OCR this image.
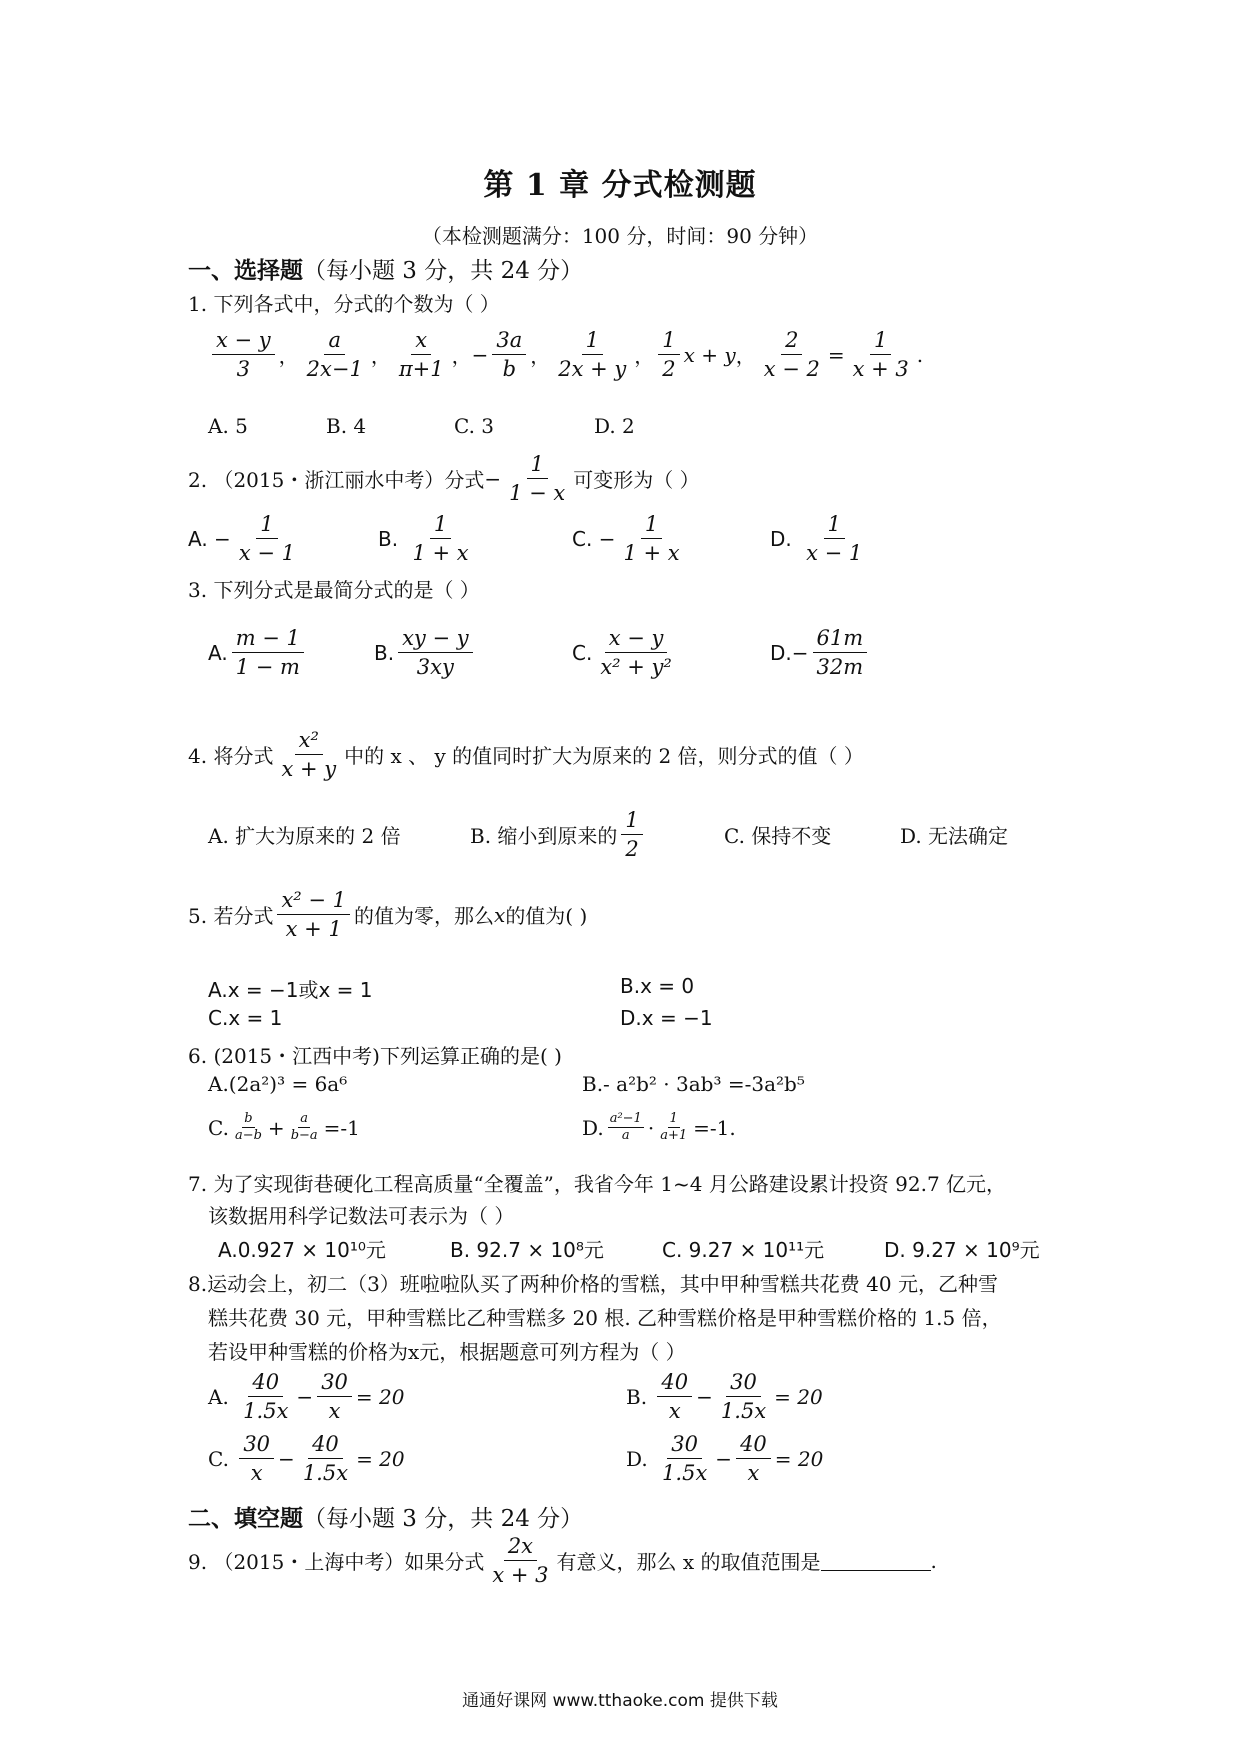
第 1 章 分式检测题
（本检测题满分：100 分，时间：90 分钟）
一、选择题（每小题 3 分，共 24 分）
1. 下列各式中，分式的个数为（ ）
$\frac{x - y}{3}$ ， $\frac{a}{2x-1}$ ， $\frac{x}{\pi+1}$ ， − $\frac{3a}{b}$ ， $\frac{1}{2x + y}$ ， $\frac{1}{2}$ x + y ， $\frac{2}{x - 2} = \frac{1}{x + 3}$ .
A. 5	B. 4	C. 3	D. 2
2. （2015・浙江丽水中考）分式 − $\frac{1}{1 - x}$ 可变形为（ ）
A.
− $\frac{1}{x - 1}$	B.
$\frac{1}{1 + x}$	C.
− $\frac{1}{1 + x}$	D.
$\frac{1}{x - 1}$
3. 下列分式是最简分式的是（ ）
A. $\frac{m - 1}{1 - m}$	B. $\frac{xy - y}{3xy}$	C. $\frac{x - y}{\text{x² + y²}}$	D. − $\frac{61m}{32m}$
4. 将分式 $\frac{\text{x²}}{x + y}$ 中的 x 、 y 的值同时扩大为原来的 2 倍，则分式的值（ ）
A. 扩大为原来的 2 倍	B. 缩小到原来的 $\frac{1}{2}$	C. 保持不变	D. 无法确定
5. 若分式 $\frac{\text{x² − 1}}{x + 1}$ 的值为零，那么 x 的值为( )
A.x = −1或x = 1	B.x = 0
C.x = 1	D.x = −1
6. (2015・江西中考)下列运算正确的是( )
A.(2a²)³ = 6a⁶	B.- a²b² · 3ab³ =-3a²b⁵
C. $\frac{b}{a-b} + \frac{a}{b-a} =-1$	D. $\frac{\text{a²−1}}{a} \cdot \frac{1}{a+1} =-1$.
7. 为了实现街巷硬化工程高质量“全覆盖”，我省今年 1~4 月公路建设累计投资 92.7 亿元，
该数据用科学记数法可表示为（ ）
A.0.927 × 10¹⁰元	B. 92.7 × 10⁸元	C. 9.27 × 10¹¹元	D. 9.27 × 10⁹元
8.运动会上，初二（3）班啦啦队买了两种价格的雪糕，其中甲种雪糕共花费 40 元，乙种雪
糕共花费 30 元，甲种雪糕比乙种雪糕多 20 根. 乙种雪糕价格是甲种雪糕价格的 1.5 倍，
若设甲种雪糕的价格为x元，根据题意可列方程为（ ）
A.
$\frac{40}{1.5x} - \frac{30}{x} = 20$	B.
$\frac{40}{x} - \frac{30}{1.5x} = 20$
C.
$\frac{30}{x} - \frac{40}{1.5x} = 20$	D.
$\frac{30}{1.5x} - \frac{40}{x} = 20$
二、填空题（每小题 3 分，共 24 分）
9. （2015・上海中考）如果分式 $\frac{2x}{x + 3}$ 有意义，那么 x 的取值范围是	.
通通好课网 www.tthaoke.com 提供下载
